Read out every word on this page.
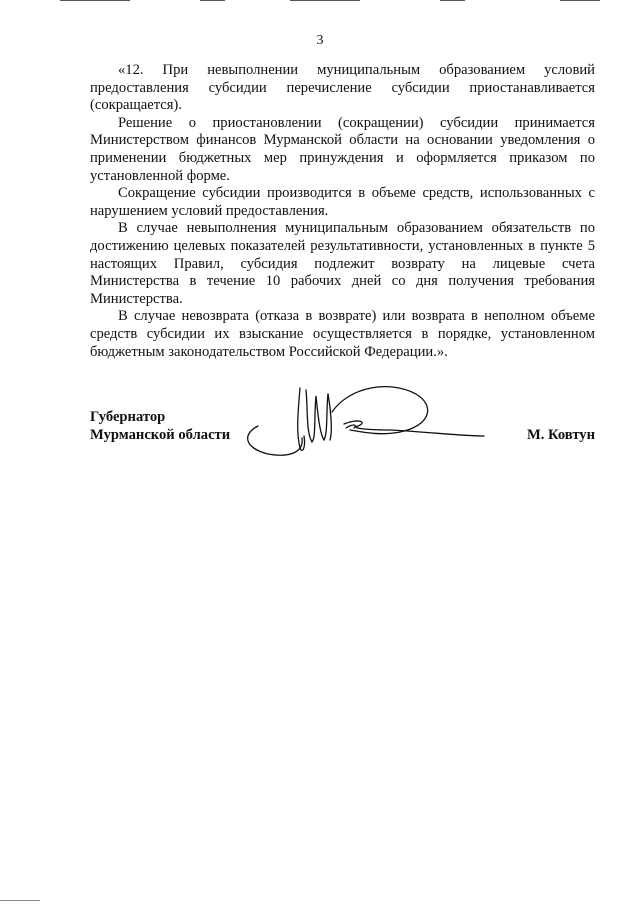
3

«12. При невыполнении муниципальным образованием условий предоставления субсидии перечисление субсидии приостанавливается (сокращается).

Решение о приостановлении (сокращении) субсидии принимается Министерством финансов Мурманской области на основании уведомления о применении бюджетных мер принуждения и оформляется приказом по установленной форме.

Сокращение субсидии производится в объеме средств, использованных с нарушением условий предоставления.

В случае невыполнения муниципальным образованием обязательств по достижению целевых показателей результативности, установленных в пункте 5 настоящих Правил, субсидия подлежит возврату на лицевые счета Министерства в течение 10 рабочих дней со дня получения требования Министерства.

В случае невозврата (отказа в возврате) или возврата в неполном объеме средств субсидии их взыскание осуществляется в порядке, установленном бюджетным законодательством Российской Федерации.».

Губернатор
Мурманской области	М. Ковтун
